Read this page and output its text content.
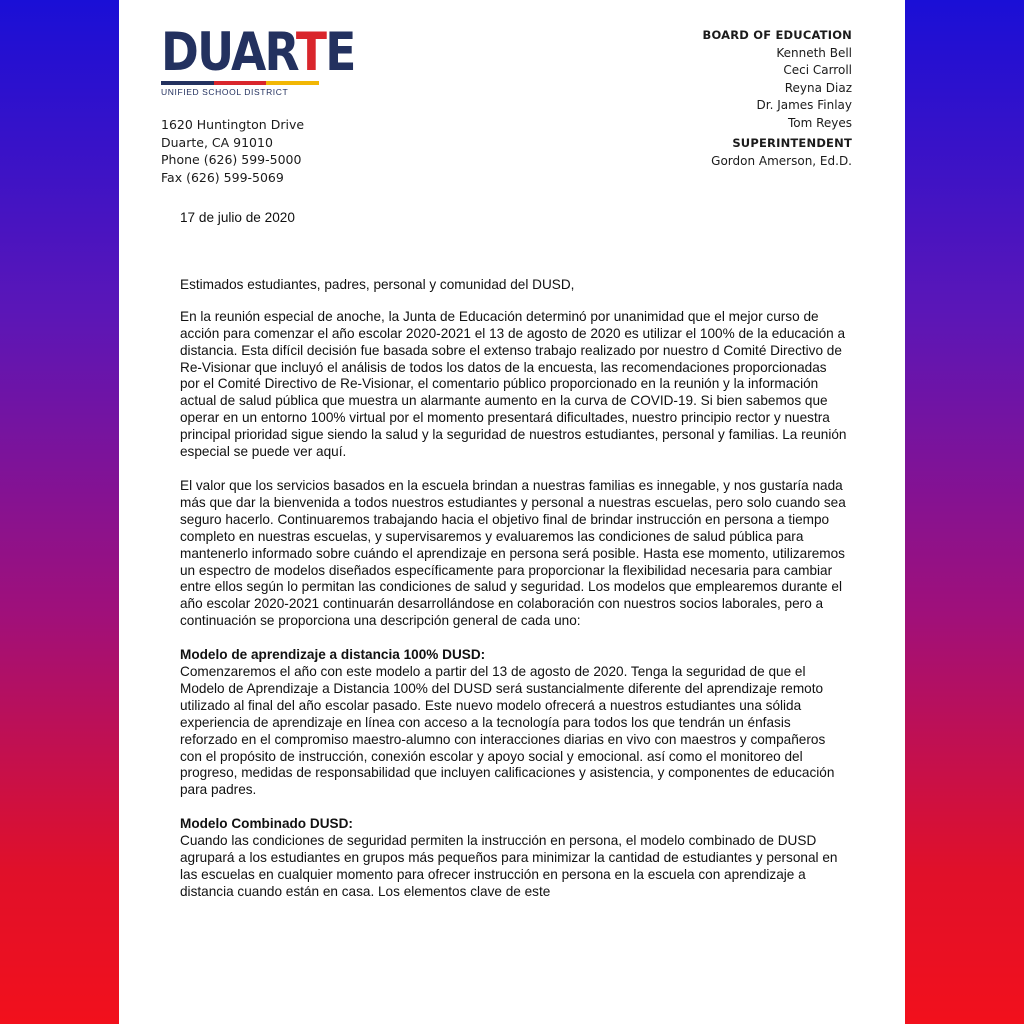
DUARTE
UNIFIED SCHOOL DISTRICT
1620 Huntington Drive
Duarte, CA 91010
Phone (626) 599-5000
Fax (626) 599-5069
BOARD OF EDUCATION
Kenneth Bell
Ceci Carroll
Reyna Diaz
Dr. James Finlay
Tom Reyes
SUPERINTENDENT
Gordon Amerson, Ed.D.

17 de julio de 2020

Estimados estudiantes, padres, personal y comunidad del DUSD,

En la reunión especial de anoche, la Junta de Educación determinó por unanimidad que el mejor curso de acción para comenzar el año escolar 2020-2021 el 13 de agosto de 2020 es utilizar el 100% de la educación a distancia. Esta difícil decisión fue basada sobre el extenso trabajo realizado por nuestro d Comité Directivo de Re-Visionar que incluyó el análisis de todos los datos de la encuesta, las recomendaciones proporcionadas por el Comité Directivo de Re-Visionar, el comentario público proporcionado en la reunión y la información actual de salud pública que muestra un alarmante aumento en la curva de COVID-19. Si bien sabemos que operar en un entorno 100% virtual por el momento presentará dificultades, nuestro principio rector y nuestra principal prioridad sigue siendo la salud y la seguridad de nuestros estudiantes, personal y familias. La reunión especial se puede ver aquí.

El valor que los servicios basados en la escuela brindan a nuestras familias es innegable, y nos gustaría nada más que dar la bienvenida a todos nuestros estudiantes y personal a nuestras escuelas, pero solo cuando sea seguro hacerlo. Continuaremos trabajando hacia el objetivo final de brindar instrucción en persona a tiempo completo en nuestras escuelas, y supervisaremos y evaluaremos las condiciones de salud pública para mantenerlo informado sobre cuándo el aprendizaje en persona será posible. Hasta ese momento, utilizaremos un espectro de modelos diseñados específicamente para proporcionar la flexibilidad necesaria para cambiar entre ellos según lo permitan las condiciones de salud y seguridad. Los modelos que emplearemos durante el año escolar 2020-2021 continuarán desarrollándose en colaboración con nuestros socios laborales, pero a continuación se proporciona una descripción general de cada uno:

Modelo de aprendizaje a distancia 100% DUSD:

Comenzaremos el año con este modelo a partir del 13 de agosto de 2020. Tenga la seguridad de que el Modelo de Aprendizaje a Distancia 100% del DUSD será sustancialmente diferente del aprendizaje remoto utilizado al final del año escolar pasado. Este nuevo modelo ofrecerá a nuestros estudiantes una sólida experiencia de aprendizaje en línea con acceso a la tecnología para todos los que tendrán un énfasis reforzado en el compromiso maestro-alumno con interacciones diarias en vivo con maestros y compañeros con el propósito de instrucción, conexión escolar y apoyo social y emocional. así como el monitoreo del progreso, medidas de responsabilidad que incluyen calificaciones y asistencia, y componentes de educación para padres.

Modelo Combinado DUSD:

Cuando las condiciones de seguridad permiten la instrucción en persona, el modelo combinado de DUSD agrupará a los estudiantes en grupos más pequeños para minimizar la cantidad de estudiantes y personal en las escuelas en cualquier momento para ofrecer instrucción en persona en la escuela con aprendizaje a distancia cuando están en casa. Los elementos clave de este
